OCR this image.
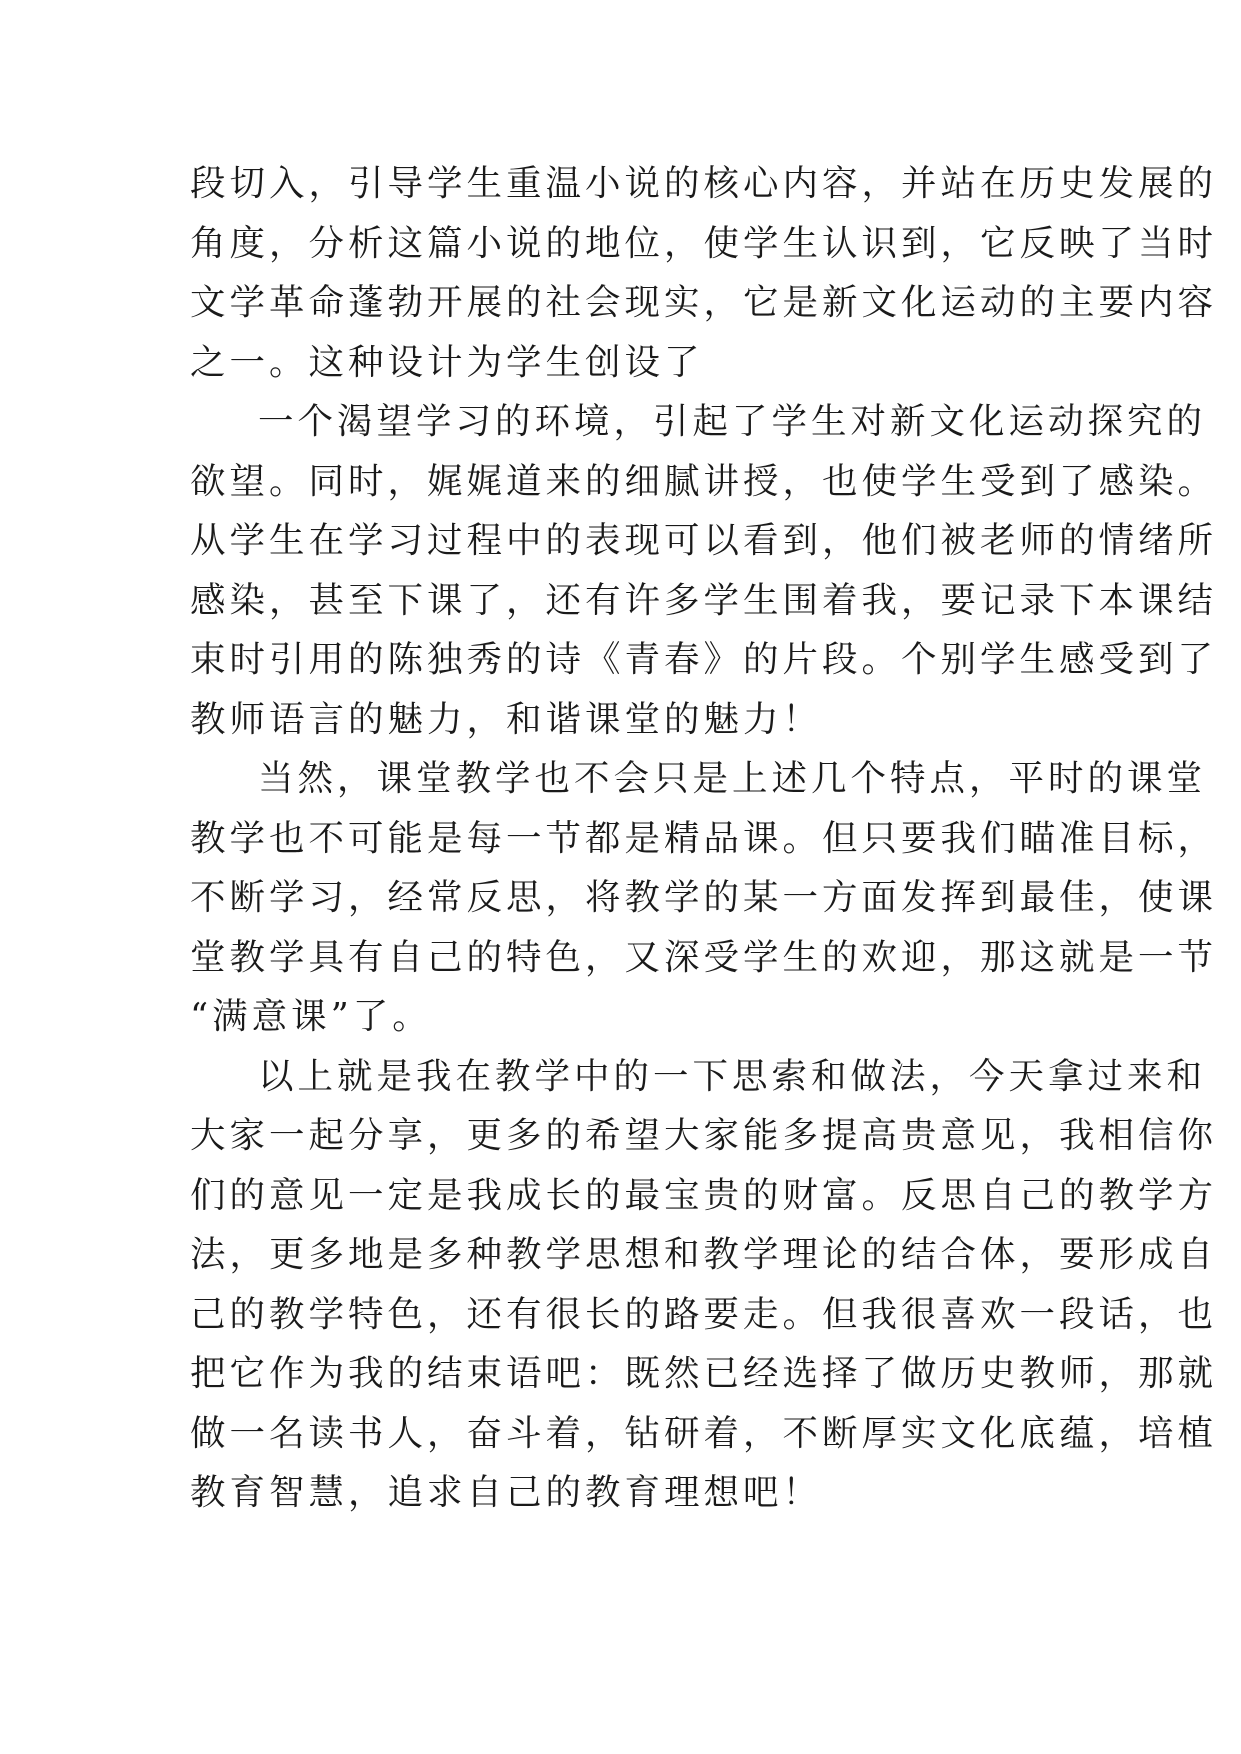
段切入，引导学生重温小说的核心内容，并站在历史发展的
角度，分析这篇小说的地位，使学生认识到，它反映了当时
文学革命蓬勃开展的社会现实，它是新文化运动的主要内容
之一。这种设计为学生创设了
一个渴望学习的环境，引起了学生对新文化运动探究的
欲望。同时，娓娓道来的细腻讲授，也使学生受到了感染。
从学生在学习过程中的表现可以看到，他们被老师的情绪所
感染，甚至下课了，还有许多学生围着我，要记录下本课结
束时引用的陈独秀的诗《青春》的片段。个别学生感受到了
教师语言的魅力，和谐课堂的魅力！
当然，课堂教学也不会只是上述几个特点，平时的课堂
教学也不可能是每一节都是精品课。但只要我们瞄准目标，
不断学习，经常反思，将教学的某一方面发挥到最佳，使课
堂教学具有自己的特色，又深受学生的欢迎，那这就是一节
“满意课”了。
以上就是我在教学中的一下思索和做法，今天拿过来和
大家一起分享，更多的希望大家能多提高贵意见，我相信你
们的意见一定是我成长的最宝贵的财富。反思自己的教学方
法，更多地是多种教学思想和教学理论的结合体，要形成自
己的教学特色，还有很长的路要走。但我很喜欢一段话，也
把它作为我的结束语吧：既然已经选择了做历史教师，那就
做一名读书人，奋斗着，钻研着，不断厚实文化底蕴，培植
教育智慧，追求自己的教育理想吧！
